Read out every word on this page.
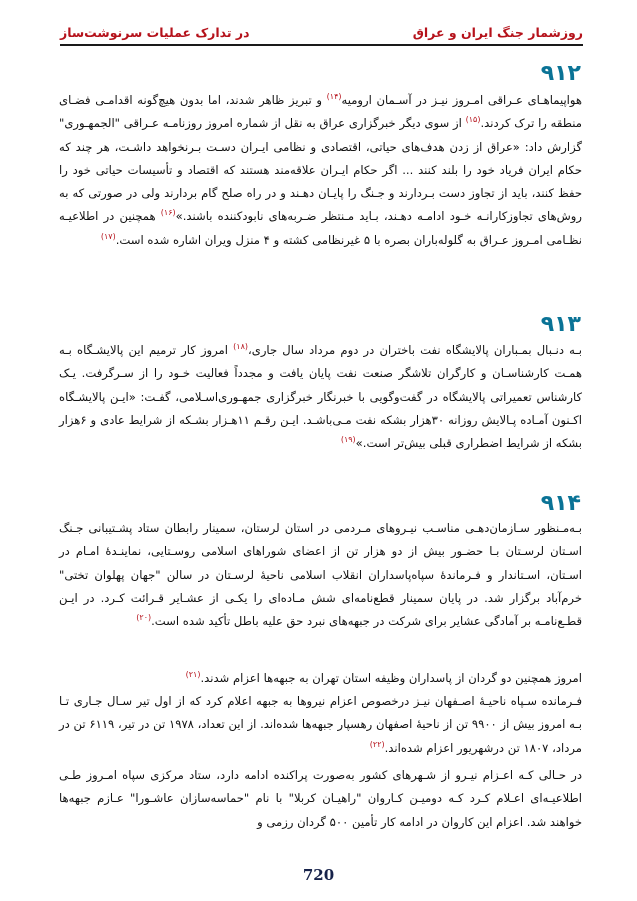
روزشمار جنگ ایران و عراق
در تدارک عملیات سرنوشت‌ساز
۹۱۲
هواپیماهـای عـراقی امـروز نیـز در آسـمان ارومیه$^{(۱۴)}$ و تبریز ظاهر شدند، اما بدون هیچ‌گونه اقدامـی فضـای منطقه را ترک کردند.$^{(۱۵)}$ از سوی دیگر خبرگزاری عراق به نقل از شماره امروز روزنامـه عـراقی "الجمهـوری" گزارش داد: «عراق از زدن هدف‌های حیاتی، اقتصادی و نظامی ایـران دسـت بـرنخواهد داشـت، هر چند که حکام ایران فریاد خود را بلند کنند ... اگر حکام ایـران علاقه‌مند هستند که اقتصاد و تأسیسات حیاتی خود را حفظ کنند، باید از تجاوز دست بـردارند و جـنگ را پایـان دهـند و در راه صلح گام بردارند ولی در صورتی که به روش‌های تجاوزکارانـه خـود ادامـه دهـند، بـاید مـنتظر ضـربه‌های نابودکننده باشند.»$^{(۱۶)}$ همچنین در اطلاعیـه نظـامی امـروز عـراق به گلوله‌باران بصره با ۵ غیرنظامی کشته و ۴ منزل ویران اشاره شده است.$^{(۱۷)}$
۹۱۳
بـه دنـبال بمـباران پالایشگاه نفت باختران در دوم مرداد سال جاری،$^{(۱۸)}$ امروز کار ترمیم این پالایشـگاه بـه همـت کارشناسـان و کارگران تلاشگر صنعت نفت پایان یافت و مجدداً فعالیت خـود را از سـرگرفت. یـک کارشناس تعمیراتی پالایشگاه در گفت‌وگویی با خبرنگار خبرگزاری جمهـوری‌اسـلامی، گفـت: «ایـن پالایشـگاه اکـنون آمـاده پـالایش روزانه ۳۰هزار بشکه نفت مـی‌باشـد. ایـن رقـم ۱۱هـزار بشـکه از شرایط عادی و ۶هزار بشکه از شرایط اضطراری قبلی بیش‌تر است.»$^{(۱۹)}$
۹۱۴
بـه‌مـنظور سـازمان‌دهـی مناسـب نیـروهای مـردمی در استان لرستان، سمینار رابطان ستاد پشـتیبانی جـنگ اسـتان لرسـتان بـا حضـور بیش از دو هزار تن از اعضای شوراهای اسلامی روسـتایی، نماینـدۀ امـام در اسـتان، اسـتاندار و فـرماندۀ سپاه‌پاسداران انقلاب اسلامی ناحیۀ لرسـتان در سالن "جهان پهلوان تختی" خرم‌آباد برگزار شد. در پایان سمینار قطع‌نامه‌ای شش مـاده‌ای را یکـی از عشـایر قـرائت کـرد. در ایـن قطـع‌نامـه بر آمادگی عشایر برای شرکت در جبهه‌های نبرد حق علیه باطل تأکید شده است.$^{(۲۰)}$
امروز همچنین دو گردان از پاسداران وظیفه استان تهران به جبهه‌ها اعزام شدند.$^{(۲۱)}$
فـرمانده سـپاه ناحیـۀ اصـفهان نیـز درخصوص اعزام نیروها به جبهه اعلام کرد که از اول تیر سـال جـاری تـا بـه امروز بیش از ۹۹۰۰ تن از ناحیۀ اصفهان رهسپار جبهه‌ها شده‌اند. از این تعداد، ۱۹۷۸ تن در تیر، ۶۱۱۹ تن در مرداد، ۱۸۰۷ تن درشهریور اعزام شده‌اند.$^{(۲۲)}$
در حـالی کـه اعـزام نیـرو از شـهرهای کشور به‌صورت پراکنده ادامه دارد، ستاد مرکزی سپاه امـروز طـی اطلاعیـه‌ای اعـلام کـرد کـه دومیـن کـاروان "راهیـان کربلا" با نام "حماسه‌سازان عاشـورا" عـازم جبهه‌ها خواهند شد. اعزام این کاروان در ادامه کار تأمین ۵۰۰ گردان رزمی و
720
